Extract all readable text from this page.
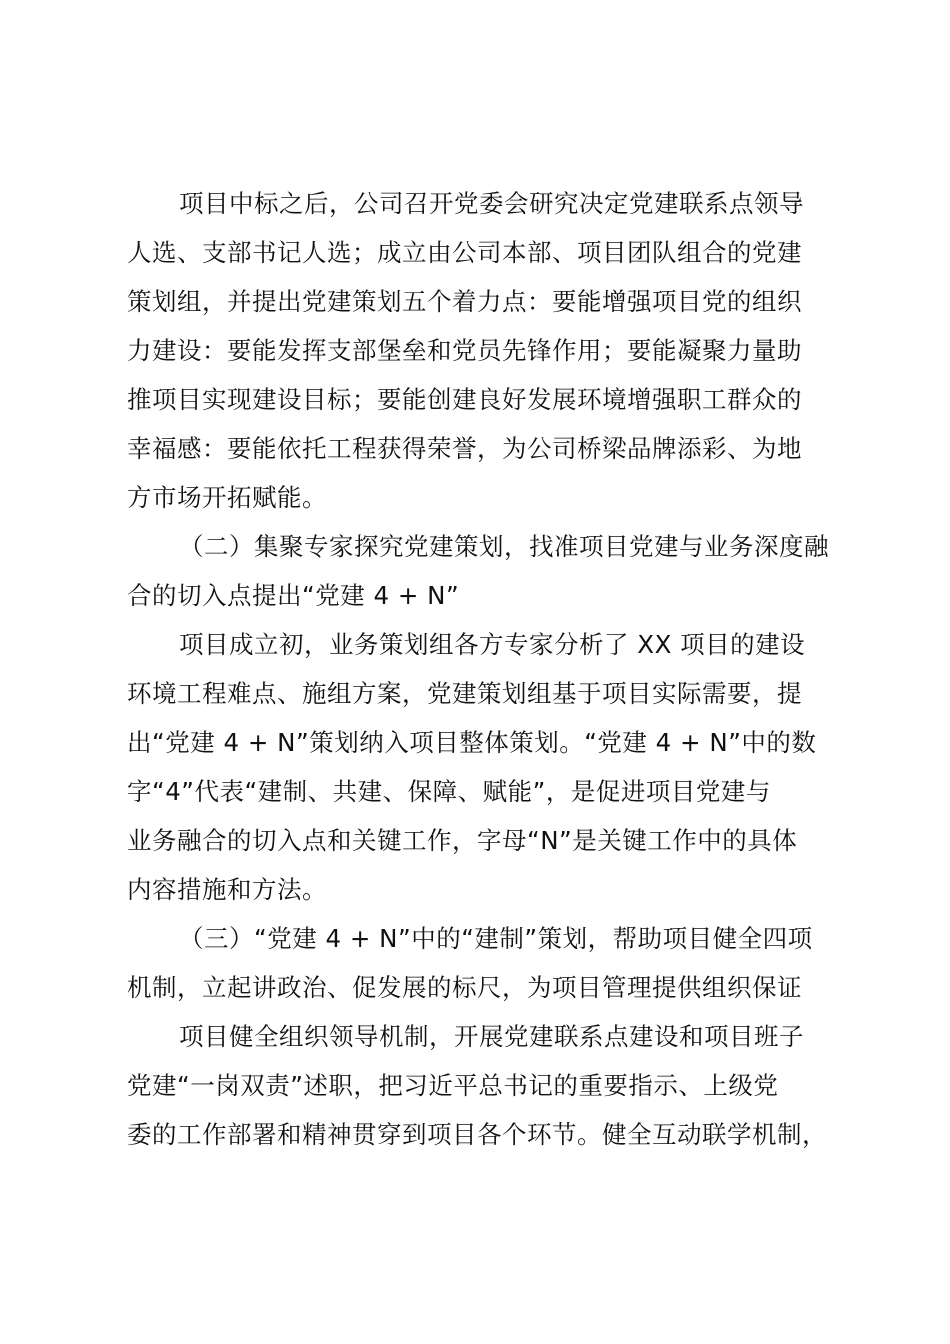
项目中标之后，公司召开党委会研究决定党建联系点领导
人选、支部书记人选；成立由公司本部、项目团队组合的党建
策划组，并提出党建策划五个着力点：要能增强项目党的组织
力建设：要能发挥支部堡垒和党员先锋作用；要能凝聚力量助
推项目实现建设目标；要能创建良好发展环境增强职工群众的
幸福感：要能依托工程获得荣誉，为公司桥梁品牌添彩、为地
方市场开拓赋能。
（二）集聚专家探究党建策划，找准项目党建与业务深度融
合的切入点提出“党建 4 + N”
项目成立初，业务策划组各方专家分析了 XX 项目的建设
环境工程难点、施组方案，党建策划组基于项目实际需要，提
出“党建 4 + N”策划纳入项目整体策划。“党建 4 + N”中的数
字“4”代表“建制、共建、保障、赋能”，是促进项目党建与
业务融合的切入点和关键工作，字母“N”是关键工作中的具体
内容措施和方法。
（三）“党建 4 + N”中的“建制”策划，帮助项目健全四项
机制，立起讲政治、促发展的标尺，为项目管理提供组织保证
项目健全组织领导机制，开展党建联系点建设和项目班子
党建“一岗双责”述职，把习近平总书记的重要指示、上级党
委的工作部署和精神贯穿到项目各个环节。健全互动联学机制，
